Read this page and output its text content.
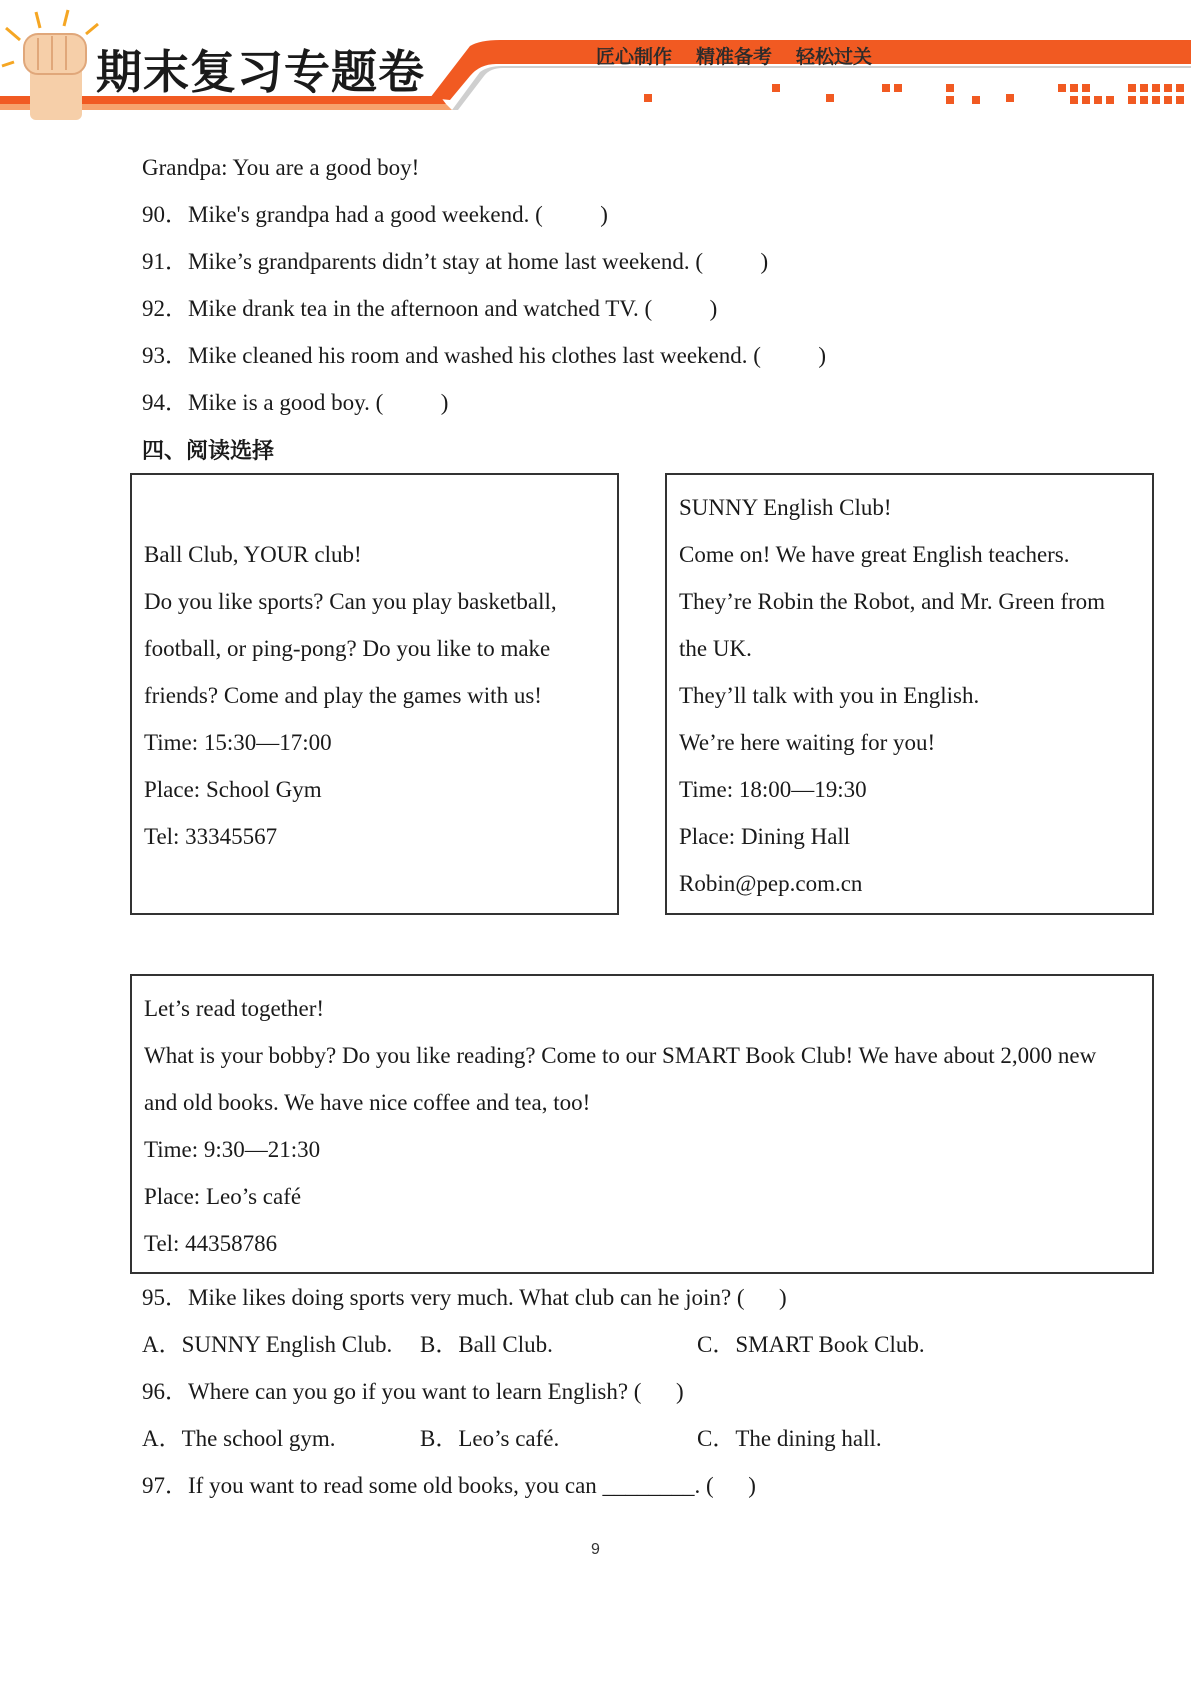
期末复习专题卷	匠心制作 精准备考 轻松过关
Grandpa: You are a good boy!
90．Mike's grandpa had a good weekend. (          )
91．Mike’s grandparents didn’t stay at home last weekend. (          )
92．Mike drank tea in the afternoon and watched TV. (          )
93．Mike cleaned his room and washed his clothes last weekend. (          )
94．Mike is a good boy. (          )
四、阅读选择
Ball Club, YOUR club!
Do you like sports? Can you play basketball,
football, or ping-pong? Do you like to make
friends? Come and play the games with us!
Time: 15:30—17:00
Place: School Gym
Tel: 33345567
SUNNY English Club!
Come on! We have great English teachers.
They’re Robin the Robot, and Mr. Green from
the UK.
They’ll talk with you in English.
We’re here waiting for you!
Time: 18:00—19:30
Place: Dining Hall
Robin@pep.com.cn
Let’s read together!
What is your bobby? Do you like reading? Come to our SMART Book Club! We have about 2,000 new
and old books. We have nice coffee and tea, too!
Time: 9:30—21:30
Place: Leo’s café
Tel: 44358786
95．Mike likes doing sports very much. What club can he join? (      )
A．SUNNY English Club. B．Ball Club.	C．SMART Book Club.
96．Where can you go if you want to learn English? (      )
A．The school gym.	B．Leo’s café.	C．The dining hall.
97．If you want to read some old books, you can ________. (      )
9
